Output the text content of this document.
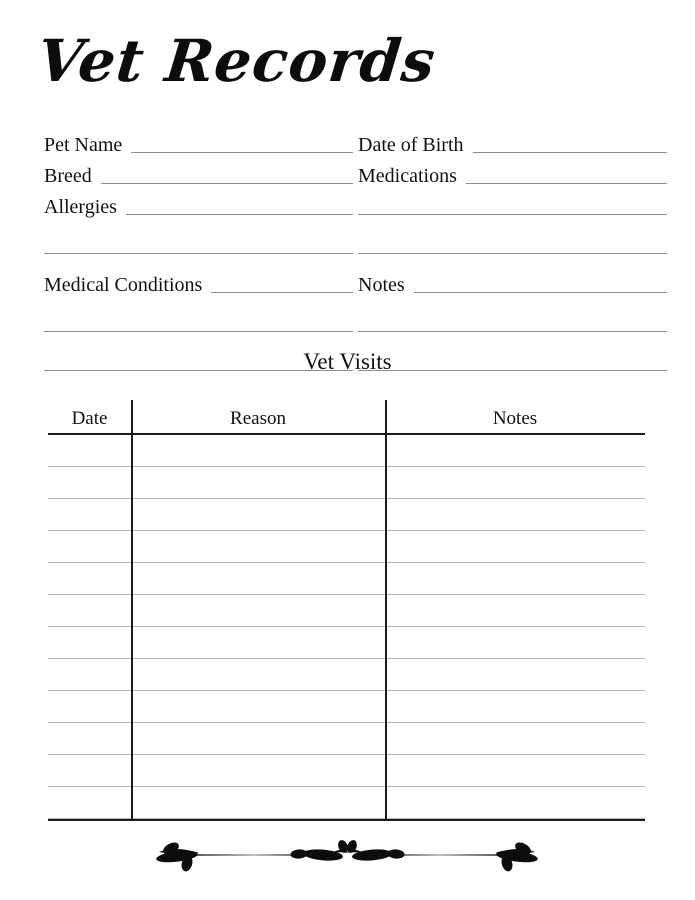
Vet Records
Pet Name
Breed
Allergies
Medical Conditions
Date of Birth
Medications
Notes
Vet Visits
Date	Reason	Notes
